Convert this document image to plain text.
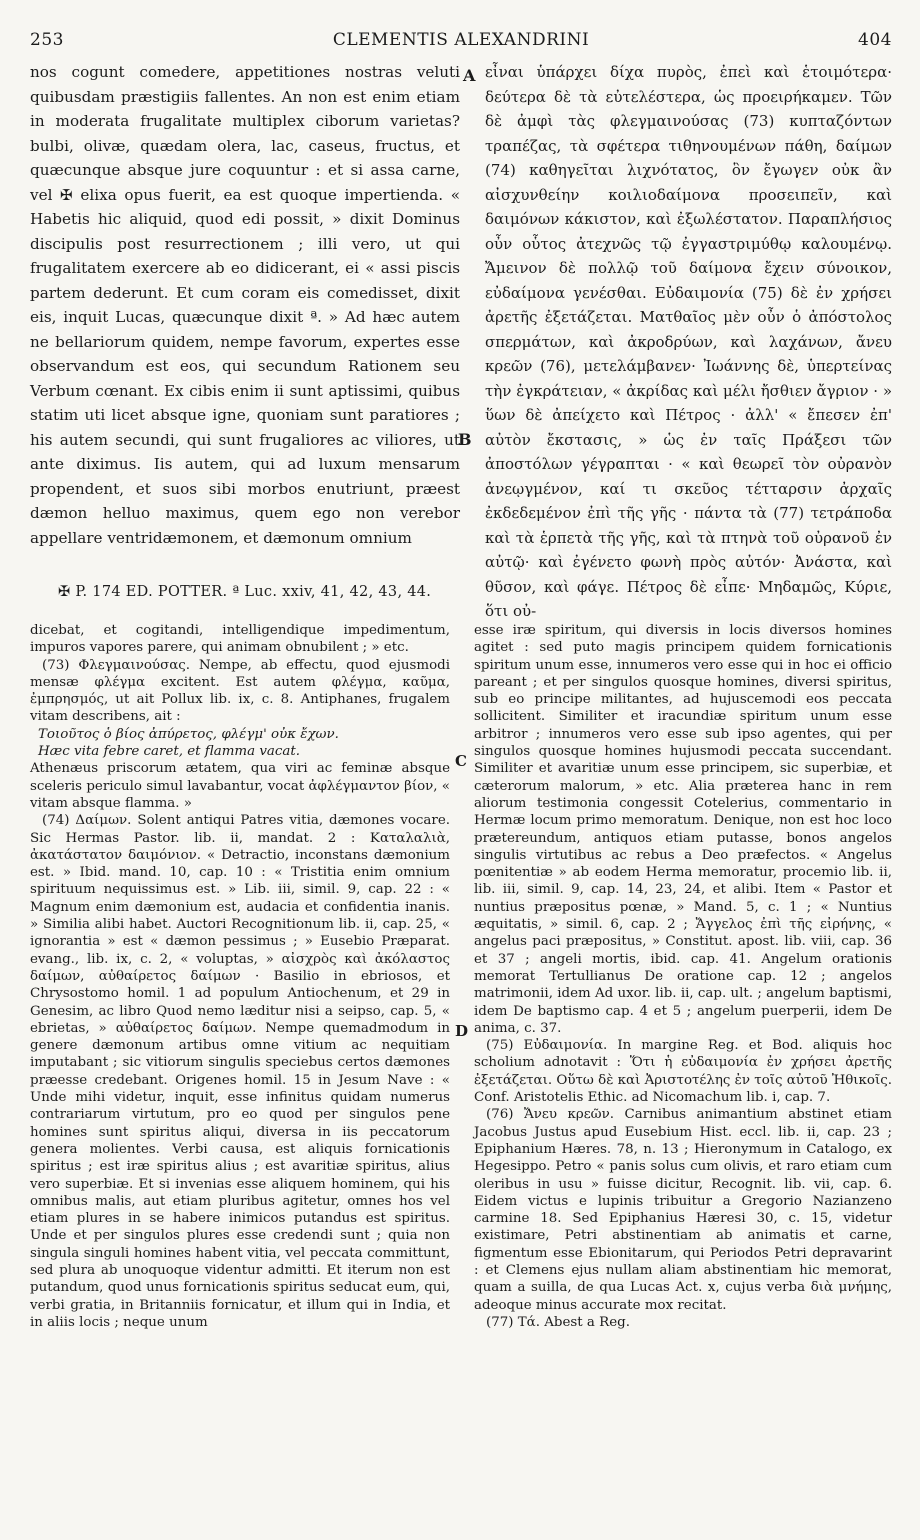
253	CLEMENTIS ALEXANDRINI	404

nos cogunt comedere, appetitiones nostras veluti quibusdam præstigiis fallentes. An non est enim etiam in moderata frugalitate multiplex ciborum varietas? bulbi, olivæ, quædam olera, lac, caseus, fructus, et quæcunque absque jure coquuntur : et si assa carne, vel ✠ elixa opus fuerit, ea est quoque impertienda. « Habetis hic aliquid, quod edi possit, » dixit Dominus discipulis post resurrectionem ; illi vero, ut qui frugalitatem exercere ab eo didicerant, ei « assi piscis partem dederunt. Et cum coram eis comedisset, dixit eis, inquit Lucas, quæcunque dixit ª. » Ad hæc autem ne bellariorum quidem, nempe favorum, expertes esse observandum est eos, qui secundum Rationem seu Verbum cœnant. Ex cibis enim ii sunt aptissimi, quibus statim uti licet absque igne, quoniam sunt paratiores ; his autem secundi, qui sunt frugaliores ac viliores, ut ante diximus. Iis autem, qui ad luxum mensarum propendent, et suos sibi morbos enutriunt, præest dæmon helluo maximus, quem ego non verebor appellare ventridæmonem, et dæmonum omnium

A
B

εἶναι ὑπάρχει δίχα πυρὸς, ἐπεὶ καὶ ἑτοιμότερα· δεύτερα δὲ τὰ εὐτελέστερα, ὡς προειρήκαμεν. Τῶν δὲ ἀμφὶ τὰς φλεγμαινούσας (73) κυπταζόντων τραπέζας, τὰ σφέτερα τιθηνουμένων πάθη, δαίμων (74) καθηγεῖται λιχνότατος, ὃν ἔγωγεν οὐκ ἂν αἰσχυνθείην κοιλιοδαίμονα προσειπεῖν, καὶ δαιμόνων κάκιστον, καὶ ἐξωλέστατον. Παραπλήσιος οὖν οὗτος ἀτεχνῶς τῷ ἐγγαστριμύθῳ καλουμένῳ. Ἄμεινον δὲ πολλῷ τοῦ δαίμονα ἔχειν σύνοικον, εὐδαίμονα γενέσθαι. Εὐδαιμονία (75) δὲ ἐν χρήσει ἀρετῆς ἐξετάζεται. Ματθαῖος μὲν οὖν ὁ ἀπόστολος σπερμάτων, καὶ ἀκροδρύων, καὶ λαχάνων, ἄνευ κρεῶν (76), μετελάμβανεν· Ἰωάννης δὲ, ὑπερτείνας τὴν ἐγκράτειαν, « ἀκρίδας καὶ μέλι ἤσθιεν ἄγριον · » ὕων δὲ ἀπείχετο καὶ Πέτρος · ἀλλ' « ἔπεσεν ἐπ' αὐτὸν ἔκστασις, » ὡς ἐν ταῖς Πράξεσι τῶν ἀποστόλων γέγραπται · « καὶ θεωρεῖ τὸν οὐρανὸν ἀνεῳγμένον, καί τι σκεῦος τέτταρσιν ἀρχαῖς ἐκδεδεμένον ἐπὶ τῆς γῆς · πάντα τὰ (77) τετράποδα καὶ τὰ ἑρπετὰ τῆς γῆς, καὶ τὰ πτηνὰ τοῦ οὐρανοῦ ἐν αὐτῷ· καὶ ἐγένετο φωνὴ πρὸς αὐτόν· Ἀνάστα, καὶ θῦσον, καὶ φάγε. Πέτρος δὲ εἶπε· Μηδαμῶς, Κύριε, ὅτι οὐ-

✠ P. 174 ED. POTTER. ª Luc. xxiv, 41, 42, 43, 44.

dicebat, et cogitandi, intelligendique impedimentum, impuros vapores parere, qui animam obnubilent ; » etc.

(73) Φλεγμαινούσας. Nempe, ab effectu, quod ejusmodi mensæ φλέγμα excitent. Est autem φλέγμα, καῦμα, ἐμπρησμός, ut ait Pollux lib. ix, c. 8. Antiphanes, frugalem vitam describens, ait :

Τοιοῦτος ὁ βίος ἀπύρετος, φλέγμ' οὐκ ἔχων.

Hæc vita febre caret, et flamma vacat.

Athenæus priscorum ætatem, qua viri ac feminæ absque sceleris periculo simul lavabantur, vocat ἀφλέγμαντον βίον, « vitam absque flamma. »

(74) Δαίμων. Solent antiqui Patres vitia, dæmones vocare. Sic Hermas Pastor. lib. ii, mandat. 2 : Καταλαλιὰ, ἀκατάστατον δαιμόνιον. « Detractio, inconstans dæmonium est. » Ibid. mand. 10, cap. 10 : « Tristitia enim omnium spirituum nequissimus est. » Lib. iii, simil. 9, cap. 22 : « Magnum enim dæmonium est, audacia et confidentia inanis. » Similia alibi habet. Auctori Recognitionum lib. ii, cap. 25, « ignorantia » est « dæmon pessimus ; » Eusebio Præparat. evang., lib. ix, c. 2, « voluptas, » αἰσχρὸς καὶ ἀκόλαστος δαίμων, αὐθαίρετος δαίμων · Basilio in ebriosos, et Chrysostomo homil. 1 ad populum Antiochenum, et 29 in Genesim, ac libro Quod nemo læditur nisi a seipso, cap. 5, « ebrietas, » αὐθαίρετος δαίμων. Nempe quemadmodum in genere dæmonum artibus omne vitium ac nequitiam imputabant ; sic vitiorum singulis speciebus certos dæmones præesse credebant. Origenes homil. 15 in Jesum Nave : « Unde mihi videtur, inquit, esse infinitus quidam numerus contrariarum virtutum, pro eo quod per singulos pene homines sunt spiritus aliqui, diversa in iis peccatorum genera molientes. Verbi causa, est aliquis fornicationis spiritus ; est iræ spiritus alius ; est avaritiæ spiritus, alius vero superbiæ. Et si invenias esse aliquem hominem, qui his omnibus malis, aut etiam pluribus agitetur, omnes hos vel etiam plures in se habere inimicos putandus est spiritus. Unde et per singulos plures esse credendi sunt ; quia non singula singuli homines habent vitia, vel peccata committunt, sed plura ab unoquoque videntur admitti. Et iterum non est putandum, quod unus fornicationis spiritus seducat eum, qui, verbi gratia, in Britanniis fornicatur, et illum qui in India, et in aliis locis ; neque unum

C
D

esse iræ spiritum, qui diversis in locis diversos homines agitet : sed puto magis principem quidem fornicationis spiritum unum esse, innumeros vero esse qui in hoc ei officio pareant ; et per singulos quosque homines, diversi spiritus, sub eo principe militantes, ad hujuscemodi eos peccata sollicitent. Similiter et iracundiæ spiritum unum esse arbitror ; innumeros vero esse sub ipso agentes, qui per singulos quosque homines hujusmodi peccata succendant. Similiter et avaritiæ unum esse principem, sic superbiæ, et cæterorum malorum, » etc. Alia præterea hanc in rem aliorum testimonia congessit Cotelerius, commentario in Hermæ locum primo memoratum. Denique, non est hoc loco prætereundum, antiquos etiam putasse, bonos angelos singulis virtutibus ac rebus a Deo præfectos. « Angelus pœnitentiæ » ab eodem Herma memoratur, procemio lib. ii, lib. iii, simil. 9, cap. 14, 23, 24, et alibi. Item « Pastor et nuntius præpositus pœnæ, » Mand. 5, c. 1 ; « Nuntius æquitatis, » simil. 6, cap. 2 ; Ἄγγελος ἐπὶ τῆς εἰρήνης, « angelus paci præpositus, » Constitut. apost. lib. viii, cap. 36 et 37 ; angeli mortis, ibid. cap. 41. Angelum orationis memorat Tertullianus De oratione cap. 12 ; angelos matrimonii, idem Ad uxor. lib. ii, cap. ult. ; angelum baptismi, idem De baptismo cap. 4 et 5 ; angelum puerperii, idem De anima, c. 37.

(75) Εὐδαιμονία. In margine Reg. et Bod. aliquis hoc scholium adnotavit : Ὅτι ἡ εὐδαιμονία ἐν χρήσει ἀρετῆς ἐξετάζεται. Οὕτω δὲ καὶ Ἀριστοτέλης ἐν τοῖς αὐτοῦ Ἠθικοῖς. Conf. Aristotelis Ethic. ad Nicomachum lib. i, cap. 7.

(76) Ἄνευ κρεῶν. Carnibus animantium abstinet etiam Jacobus Justus apud Eusebium Hist. eccl. lib. ii, cap. 23 ; Epiphanium Hæres. 78, n. 13 ; Hieronymum in Catalogo, ex Hegesippo. Petro « panis solus cum olivis, et raro etiam cum oleribus in usu » fuisse dicitur, Recognit. lib. vii, cap. 6. Eidem victus e lupinis tribuitur a Gregorio Nazianzeno carmine 18. Sed Epiphanius Hæresi 30, c. 15, videtur existimare, Petri abstinentiam ab animatis et carne, figmentum esse Ebionitarum, qui Periodos Petri depravarint : et Clemens ejus nullam aliam abstinentiam hic memorat, quam a suilla, de qua Lucas Act. x, cujus verba διὰ μνήμης, adeoque minus accurate mox recitat.

(77) Τά. Abest a Reg.
